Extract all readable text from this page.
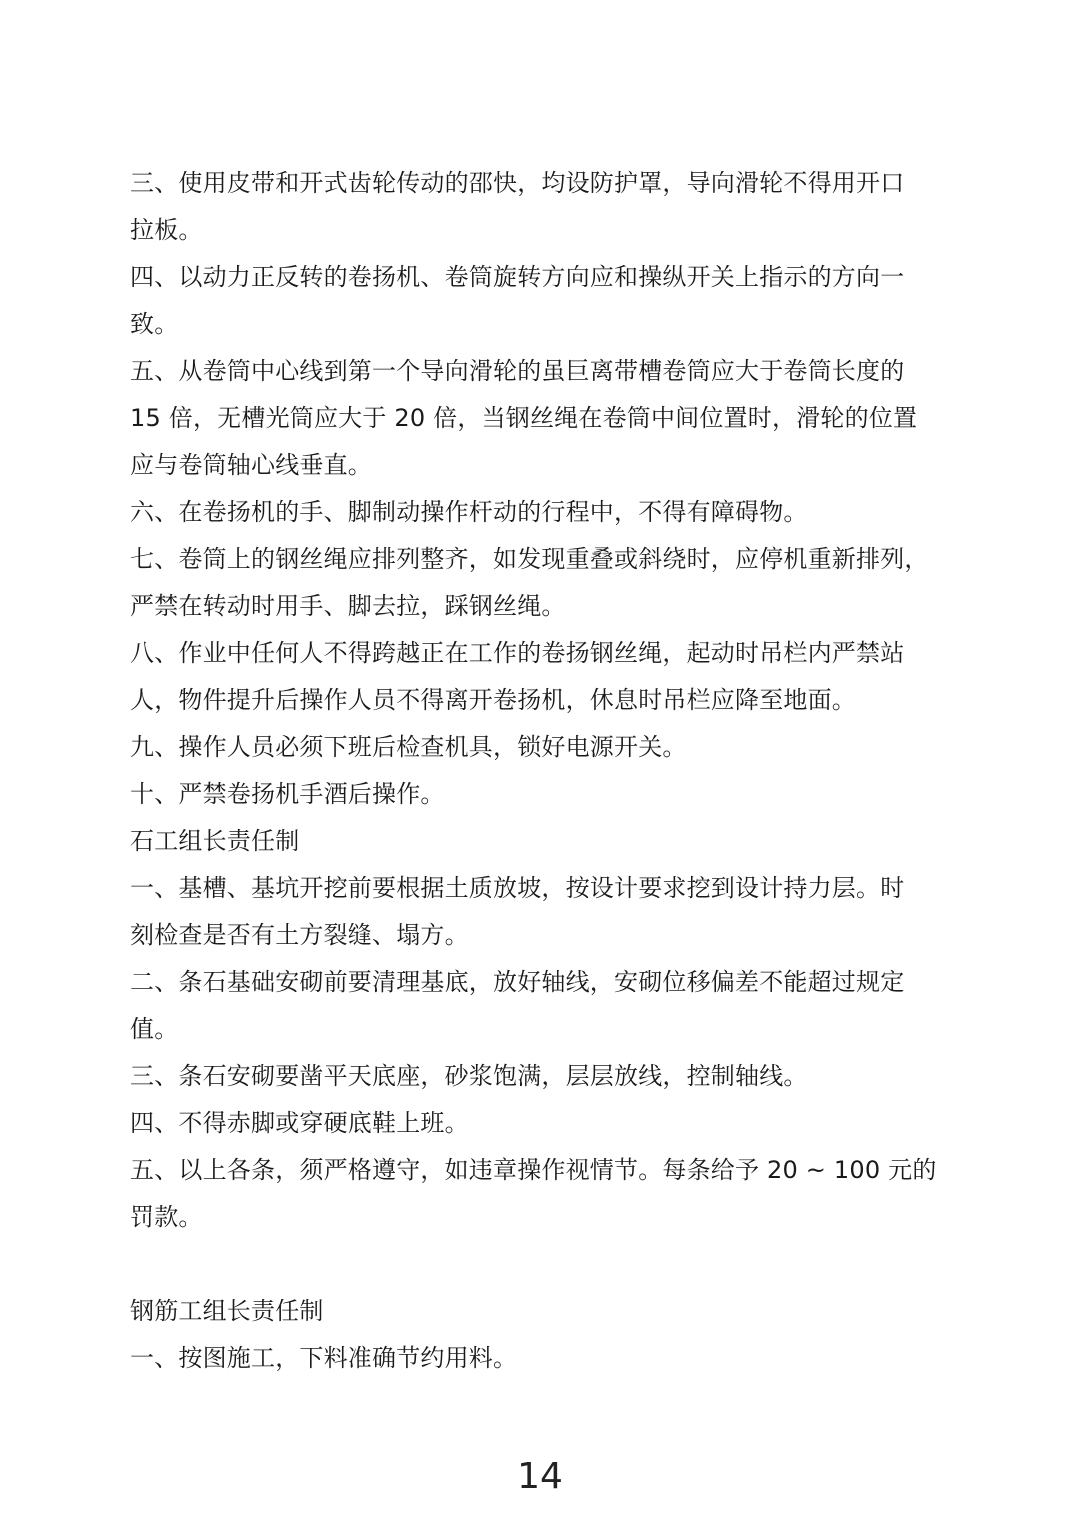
三、使用皮带和开式齿轮传动的邵快，均设防护罩，导向滑轮不得用开口
拉板。
四、以动力正反转的卷扬机、卷筒旋转方向应和操纵开关上指示的方向一
致。
五、从卷筒中心线到第一个导向滑轮的虽巨离带槽卷筒应大于卷筒长度的
15 倍，无槽光筒应大于 20 倍，当钢丝绳在卷筒中间位置时，滑轮的位置
应与卷筒轴心线垂直。
六、在卷扬机的手、脚制动操作杆动的行程中，不得有障碍物。
七、卷筒上的钢丝绳应排列整齐，如发现重叠或斜绕时，应停机重新排列，
严禁在转动时用手、脚去拉，踩钢丝绳。
八、作业中任何人不得跨越正在工作的卷扬钢丝绳，起动时吊栏内严禁站
人，物件提升后操作人员不得离开卷扬机，休息时吊栏应降至地面。
九、操作人员必须下班后检查机具，锁好电源开关。
十、严禁卷扬机手酒后操作。
石工组长责任制
一、基槽、基坑开挖前要根据土质放坡，按设计要求挖到设计持力层。时
刻检查是否有土方裂缝、塌方。
二、条石基础安砌前要清理基底，放好轴线，安砌位移偏差不能超过规定
值。
三、条石安砌要凿平天底座，砂浆饱满，层层放线，控制轴线。
四、不得赤脚或穿硬底鞋上班。
五、以上各条，须严格遵守，如违章操作视情节。每条给予 20 ~ 100 元的
罚款。
钢筋工组长责任制
一、按图施工，下料准确节约用料。
14
